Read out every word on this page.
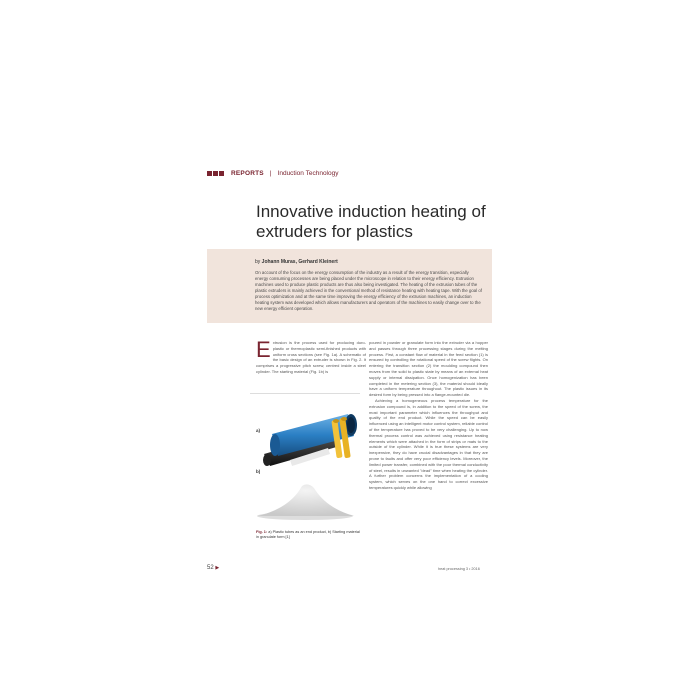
REPORTS | Induction Technology
Innovative induction heating of extruders for plastics
by Johann Muras, Gerhard Kleinert
On account of the focus on the energy consumption of the industry as a result of the energy transition, especially energy consuming processes are being placed under the microscope in relation to their energy efficiency. Extrusion machines used to produce plastic products are thus also being investigated. The heating of the extrusion tubes of the plastic extruders is mainly achieved in the conventional method of resistance heating with heating tape. With the goal of process optimization and at the same time improving the energy efficiency of the extrusion machines, an induction heating system was developed which allows manufacturers and operators of the machines to easily change over to the new energy efficient operation.
E xtrusion is the process used for producing duro-plastic or thermoplastic semi-finished products with uniform cross sections (see Fig. 1a). A schematic of the basic design of an extruder is shown in Fig. 2. It comprises a progressive pitch screw, centred inside a steel cylinder. The starting material (Fig. 1b) is

poured in powder or granulate form into the extruder via a hopper and passes through three processing stages during the melting process. First, a constant flow of material in the feed section (1) is ensured by controlling the rotational speed of the screw flights. On entering the transition section (2) the moulding compound then moves from the solid to plastic state by means of an external heat supply or internal dissipation. Once homogenization has been completed in the metering section (3), the material should ideally have a uniform temperature throughout. The plastic issues in its desired form by being pressed into a flange-mounted die.

Achieving a homogeneous process temperature for the extrusion compound is, in addition to the speed of the screw, the most important parameter which influences the throughput and quality of the end product. While the speed can be easily influenced using an intelligent motor control system, reliable control of the temperature has proved to be very challenging. Up to now thermal process control was achieved using resistance heating elements which were attached in the form of strips or mats to the outside of the cylinder. While it is true these systems are very inexpensive, they do have crucial disadvantages in that they are prone to faults and offer very poor efficiency levels. Moreover, the limited power transfer, combined with the poor thermal conductivity of steel, results in unwanted "dead" time when heating the cylinder. A further problem concerns the implementation of a cooling system, which serves on the one hand to correct excessive temperatures quickly while allowing

a)
b)
Fig. 1: a) Plastic tubes as an end product, b) Starting material in granulate form [1]
52 ▶	heat processing 3 • 2016
